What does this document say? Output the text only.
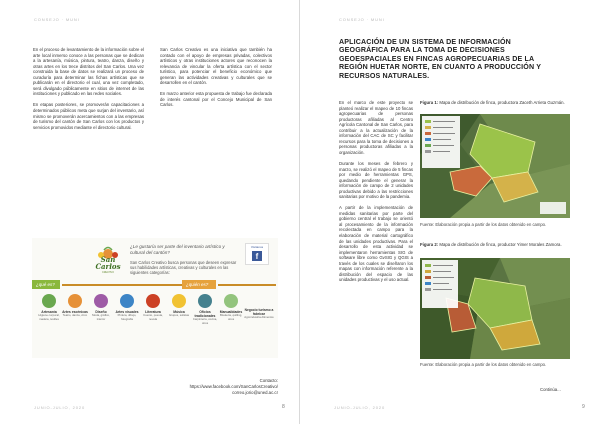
CONSEJO · MUNI

En el proceso de levantamiento de la información sobre el arte local inmerso conoce a las personas que se dedican a la artesanía, música, pintura, teatro, danza, diseño y otras artes en los trece distritos del San Carlos. Una vez construida la base de datos se realizará un proceso de curaduría para determinar las fichas artísticas que se publicarán en el directorio el cual, una vez completado, será divulgado públicamente en sitios de internet de las instituciones y publicado en las redes sociales.

En etapas posteriores, se promoverán capacitaciones a determinados públicos meta que surjan del inventario, así mismo se promoverán acercamientos con a las empresas de turismo del cantón de San Carlos con los productos y servicios promovidos mediante el directorio cultural.

San Carlos Creativo es una iniciativa que también ha contado con el apoyo de empresas privadas, colectivos artísticos y otras instituciones actores que reconocen la relevancia de vincular la oferta artística con el sector turístico, para potenciar el beneficio económico que generan las actividades creativas y culturales que se desarrollen en el cantón.

En marzo anterior esta propuesta de trabajo fue declarada de interés cantonal por el Concejo Municipal de San Carlos.

San Carlos
CREATIVO
¿Le gustaría ser parte del inventario artístico y cultural del cantón?
San Carlos Creativo busca personas que deseen expresar sus habilidades artísticas, creativas y culturales en las siguientes categorías:
Visítanos
f
¿qué es?	¿quién es?
Artesanía
Higiene corporal, madera, textiles
Artes escénicas
Teatro, danza, circo
Diseño
Moda, gráfico, interior
Artes visuales
Pintura, dibujo, fotografía
Literatura
Cuento, poesía, novela
Música
Grupos, solistas
Oficios tradicionales
Carpintería, cocina, otros
Manualidades
Bisutería, quilling, otros
Negocio turismo a fabricar
Agroindustria Alimentos
Contacto:
https://www.facebook.com/SanCarlosCreativo/
correo.jorio@uned.ac.cr
JUNIO-JULIO, 2020	8
CONSEJO · MUNI
JUNIO-JULIO, 2020	9
APLICACIÓN DE UN SISTEMA DE INFORMACIÓN GEOGRÁFICA PARA LA TOMA DE DECISIONES GEOESPACIALES EN FINCAS AGROPECUARIAS DE LA REGIÓN HUETAR NORTE, EN CUANTO A PRODUCCIÓN Y RECURSOS NATURALES.

En el marco de este proyecto se planteó realizar el mapeo de 10 fincas agropecuarias de personas productoras afiliadas al Centro Agrícola Cantonal de San Carlos, para contribuir a la actualización de la información del CAC de SC y facilitar recursos para la toma de decisiones a personas productoras afiliadas a la organización.

Durante los meses de febrero y marzo, se realizó el mapeo de 5 fincas por medio de herramientas GPS, quedando pendiente el generar la información de campo de 2 unidades productivas debido a las restricciones sanitarias por motivo de la pandemia.

A partir de la implementación de medidas sanitarias por parte del gobierno central el trabajo se orientó al procesamiento de la información recolectada en campo para la elaboración de material cartográfico de las unidades productivas. Para el desarrollo de esta actividad se implementaron herramientas SIG de software libre como GvSIG y QGIS a través de los cuales se diseñaron los mapas con información referente a la distribución del espacio de las unidades productivas y el uso actual.

Figura 1: Mapa de distribución de finca, productora Zaceth Arrieta Guzmán.
Fuente: Elaboración propia a partir de los datos obtenido en campo.
Figura 2: Mapa de distribución de finca, productor Yimer Morales Zamora.
Fuente: Elaboración propia a partir de los datos obtenido en campo.
Continúa...
